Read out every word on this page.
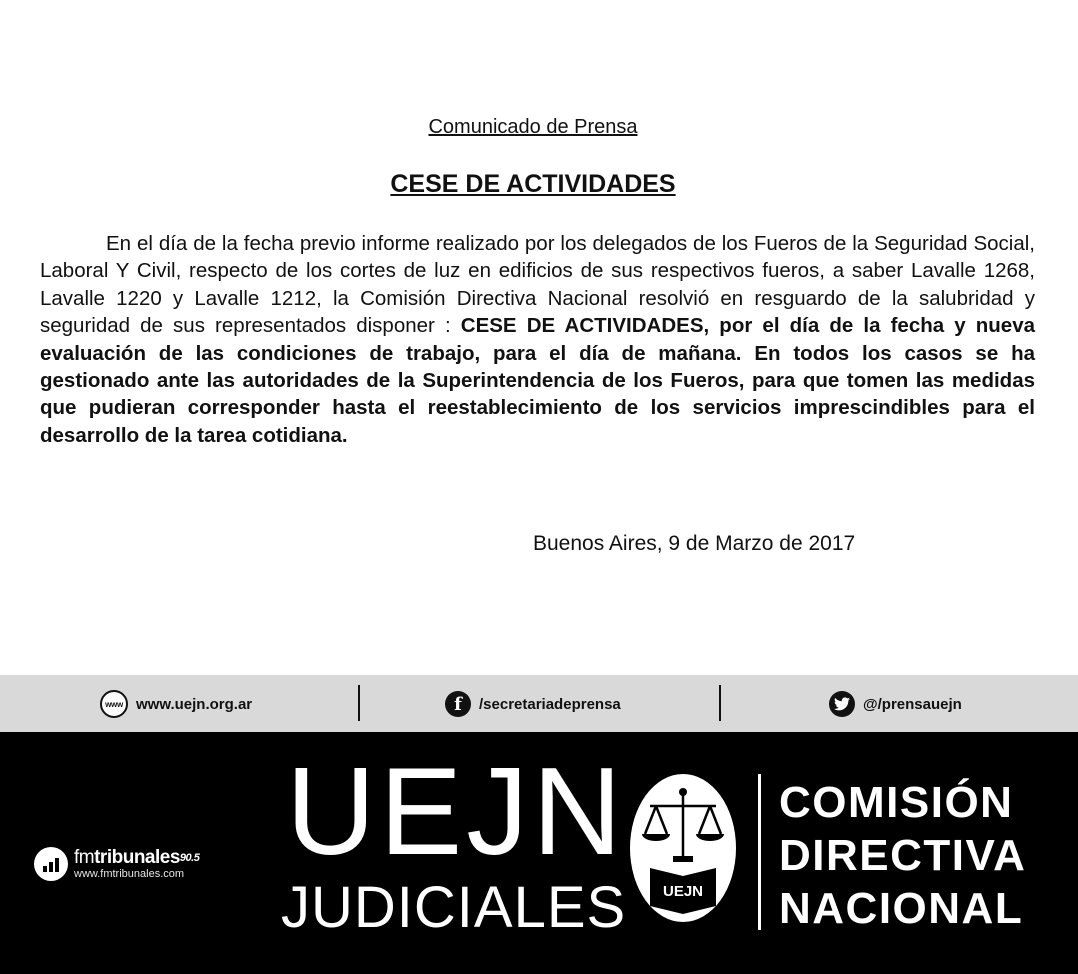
Comunicado de Prensa
CESE DE ACTIVIDADES

En el día de la fecha previo informe realizado por los delegados de los Fueros de la Seguridad Social, Laboral Y Civil, respecto de los cortes de luz en edificios de sus respectivos fueros, a saber Lavalle 1268, Lavalle 1220 y Lavalle 1212, la Comisión Directiva Nacional resolvió en resguardo de la salubridad y seguridad de sus representados disponer : CESE DE ACTIVIDADES, por el día de la fecha y nueva evaluación de las condiciones de trabajo, para el día de mañana. En todos los casos se ha gestionado ante las autoridades de la Superintendencia de los Fueros, para que tomen las medidas que pudieran corresponder hasta el reestablecimiento de los servicios imprescindibles para el desarrollo de la tarea cotidiana.

Buenos Aires, 9 de Marzo de 2017
www www.uejn.org.ar	f	/secretariadeprensa	@/prensauejn
fmtribunales$^{90.5}$
www.fmtribunales.com UEJN
JUDICIALES UEJN
COMISIÓN
DIRECTIVA
NACIONAL
